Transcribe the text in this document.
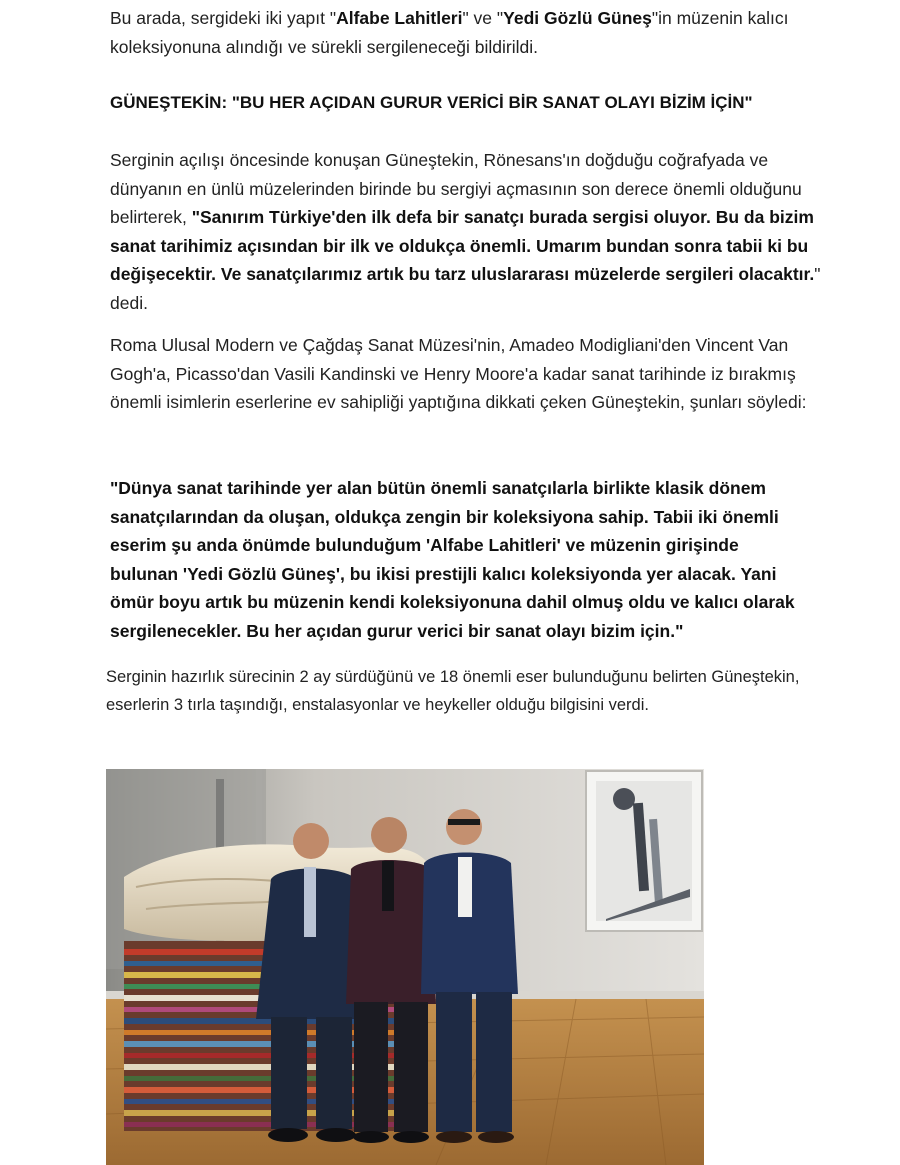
Bu arada, sergideki iki yapıt "Alfabe Lahitleri" ve "Yedi Gözlü Güneş"in müzenin kalıcı koleksiyonuna alındığı ve sürekli sergileneceği bildirildi.

GÜNEŞTEKİN: "BU HER AÇIDAN GURUR VERİCİ BİR SANAT OLAYI BİZİM İÇİN"

Serginin açılışı öncesinde konuşan Güneştekin, Rönesans'ın doğduğu coğrafyada ve dünyanın en ünlü müzelerinden birinde bu sergiyi açmasının son derece önemli olduğunu belirterek, "Sanırım Türkiye'den ilk defa bir sanatçı burada sergisi oluyor. Bu da bizim sanat tarihimiz açısından bir ilk ve oldukça önemli. Umarım bundan sonra tabii ki bu değişecektir. Ve sanatçılarımız artık bu tarz uluslararası müzelerde sergileri olacaktır." dedi.

Roma Ulusal Modern ve Çağdaş Sanat Müzesi'nin, Amadeo Modigliani'den Vincent Van Gogh'a, Picasso'dan Vasili Kandinski ve Henry Moore'a kadar sanat tarihinde iz bırakmış önemli isimlerin eserlerine ev sahipliği yaptığına dikkati çeken Güneştekin, şunları söyledi:

"Dünya sanat tarihinde yer alan bütün önemli sanatçılarla birlikte klasik dönem sanatçılarından da oluşan, oldukça zengin bir koleksiyona sahip. Tabii iki önemli eserim şu anda önümde bulunduğum 'Alfabe Lahitleri' ve müzenin girişinde bulunan 'Yedi Gözlü Güneş', bu ikisi prestijli kalıcı koleksiyonda yer alacak. Yani ömür boyu artık bu müzenin kendi koleksiyonuna dahil olmuş oldu ve kalıcı olarak sergilenecekler. Bu her açıdan gurur verici bir sanat olayı bizim için."

Serginin hazırlık sürecinin 2 ay sürdüğünü ve 18 önemli eser bulunduğunu belirten Güneştekin, eserlerin 3 tırla taşındığı, enstalasyonlar ve heykeller olduğu bilgisini verdi.
